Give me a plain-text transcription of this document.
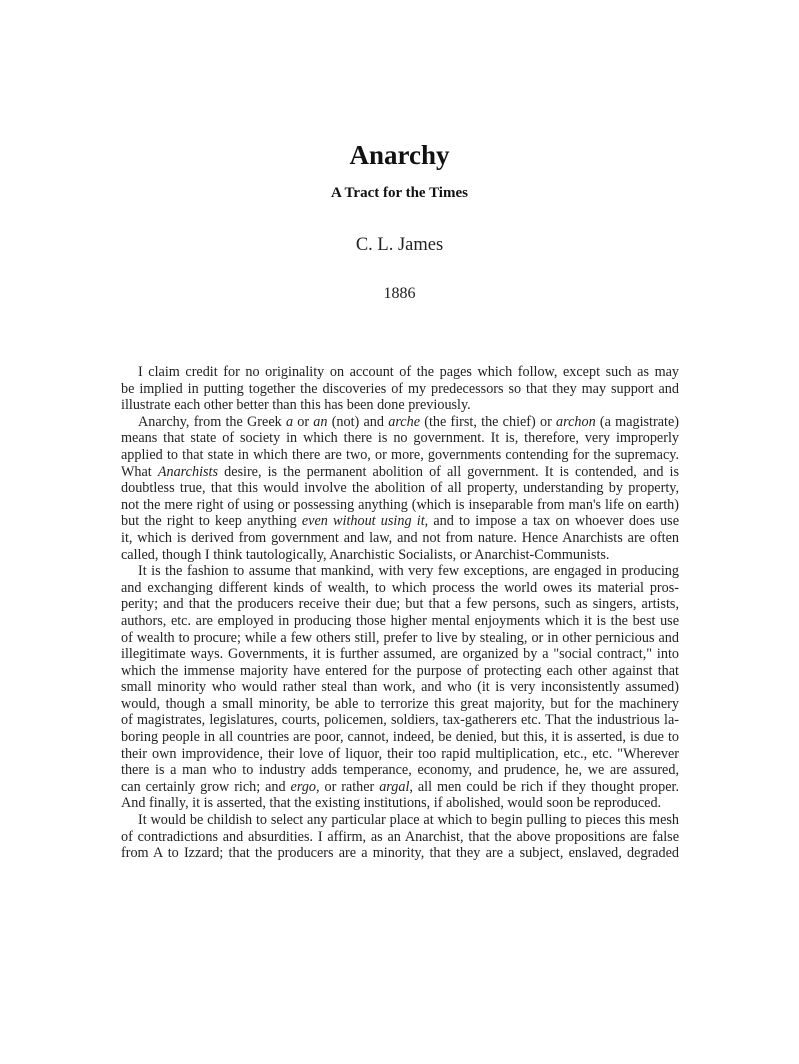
Anarchy
A Tract for the Times
C. L. James
1886
I claim credit for no originality on account of the pages which follow, except such as may
be implied in putting together the discoveries of my predecessors so that they may support and
illustrate each other better than this has been done previously.
Anarchy, from the Greek a or an (not) and arche (the first, the chief) or archon (a magistrate)
means that state of society in which there is no government. It is, therefore, very improperly
applied to that state in which there are two, or more, governments contending for the supremacy.
What Anarchists desire, is the permanent abolition of all government. It is contended, and is
doubtless true, that this would involve the abolition of all property, understanding by property,
not the mere right of using or possessing anything (which is inseparable from man's life on earth)
but the right to keep anything even without using it, and to impose a tax on whoever does use
it, which is derived from government and law, and not from nature. Hence Anarchists are often
called, though I think tautologically, Anarchistic Socialists, or Anarchist-Communists.
It is the fashion to assume that mankind, with very few exceptions, are engaged in producing
and exchanging different kinds of wealth, to which process the world owes its material pros-
perity; and that the producers receive their due; but that a few persons, such as singers, artists,
authors, etc. are employed in producing those higher mental enjoyments which it is the best use
of wealth to procure; while a few others still, prefer to live by stealing, or in other pernicious and
illegitimate ways. Governments, it is further assumed, are organized by a "social contract," into
which the immense majority have entered for the purpose of protecting each other against that
small minority who would rather steal than work, and who (it is very inconsistently assumed)
would, though a small minority, be able to terrorize this great majority, but for the machinery
of magistrates, legislatures, courts, policemen, soldiers, tax-gatherers etc. That the industrious la-
boring people in all countries are poor, cannot, indeed, be denied, but this, it is asserted, is due to
their own improvidence, their love of liquor, their too rapid multiplication, etc., etc. "Wherever
there is a man who to industry adds temperance, economy, and prudence, he, we are assured,
can certainly grow rich; and ergo, or rather argal, all men could be rich if they thought proper.
And finally, it is asserted, that the existing institutions, if abolished, would soon be reproduced.
It would be childish to select any particular place at which to begin pulling to pieces this mesh
of contradictions and absurdities. I affirm, as an Anarchist, that the above propositions are false
from A to Izzard; that the producers are a minority, that they are a subject, enslaved, degraded
